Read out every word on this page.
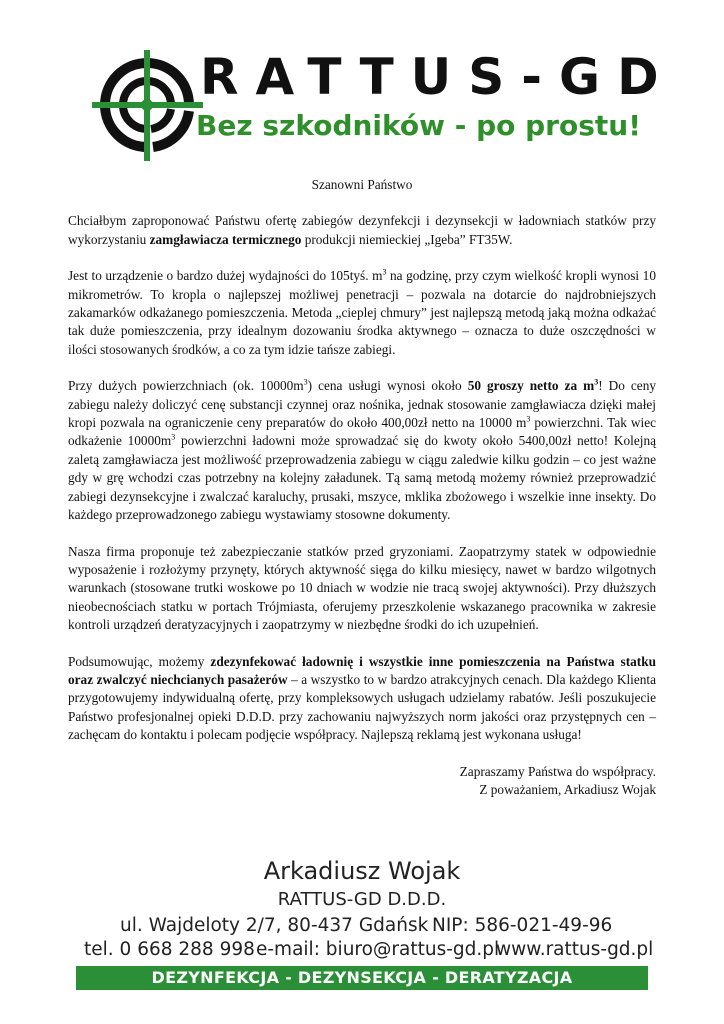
RATTUS-GD
Bez szkodników - po prostu!

Szanowni Państwo

Chciałbym zaproponować Państwu ofertę zabiegów dezynfekcji i dezynsekcji w ładowniach statków przy wykorzystaniu zamgławiacza termicznego produkcji niemieckiej „Igeba” FT35W.

Jest to urządzenie o bardzo dużej wydajności do 105tyś. $m^3$ na godzinę, przy czym wielkość kropli wynosi 10 mikrometrów. To kropla o najlepszej możliwej penetracji – pozwala na dotarcie do najdrobniejszych zakamarków odkażanego pomieszczenia. Metoda „cieplej chmury” jest najlepszą metodą jaką można odkażać tak duże pomieszczenia, przy idealnym dozowaniu środka aktywnego – oznacza to duże oszczędności w ilości stosowanych środków, a co za tym idzie tańsze zabiegi.

Przy dużych powierzchniach (ok. $10000m^3$) cena usługi wynosi około 50 groszy netto za $m^3$! Do ceny zabiegu należy doliczyć cenę substancji czynnej oraz nośnika, jednak stosowanie zamgławiacza dzięki małej kropi pozwala na ograniczenie ceny preparatów do około 400,00zł netto na 10000 $m^3$ powierzchni. Tak wiec odkażenie $10000m^3$ powierzchni ładowni może sprowadzać się do kwoty około 5400,00zł netto! Kolejną zaletą zamgławiacza jest możliwość przeprowadzenia zabiegu w ciągu zaledwie kilku godzin – co jest ważne gdy w grę wchodzi czas potrzebny na kolejny załadunek. Tą samą metodą możemy również przeprowadzić zabiegi dezynsekcyjne i zwalczać karaluchy, prusaki, mszyce, mklika zbożowego i wszelkie inne insekty. Do każdego przeprowadzonego zabiegu wystawiamy stosowne dokumenty.

Nasza firma proponuje też zabezpieczanie statków przed gryzoniami. Zaopatrzymy statek w odpowiednie wyposażenie i rozłożymy przynęty, których aktywność sięga do kilku miesięcy, nawet w bardzo wilgotnych warunkach (stosowane trutki woskowe po 10 dniach w wodzie nie tracą swojej aktywności). Przy dłuższych nieobecnościach statku w portach Trójmiasta, oferujemy przeszkolenie wskazanego pracownika w zakresie kontroli urządzeń deratyzacyjnych i zaopatrzymy w niezbędne środki do ich uzupełnień.

Podsumowując, możemy zdezynfekować ładownię i wszystkie inne pomieszczenia na Państwa statku oraz zwalczyć niechcianych pasażerów – a wszystko to w bardzo atrakcyjnych cenach. Dla każdego Klienta przygotowujemy indywidualną ofertę, przy kompleksowych usługach udzielamy rabatów. Jeśli poszukujecie Państwo profesjonalnej opieki D.D.D. przy zachowaniu najwyższych norm jakości oraz przystępnych cen – zachęcam do kontaktu i polecam podjęcie współpracy. Najlepszą reklamą jest wykonana usługa!

Zapraszamy Państwa do współpracy.

Z poważaniem, Arkadiusz Wojak

Arkadiusz Wojak
RATTUS-GD D.D.D.
ul. Wajdeloty 2/7, 80-437 Gdańsk NIP: 586-021-49-96
tel. 0 668 288 998 e-mail: biuro@rattus-gd.pl
www.rattus-gd.pl
DEZYNFEKCJA - DEZYNSEKCJA - DERATYZACJA
